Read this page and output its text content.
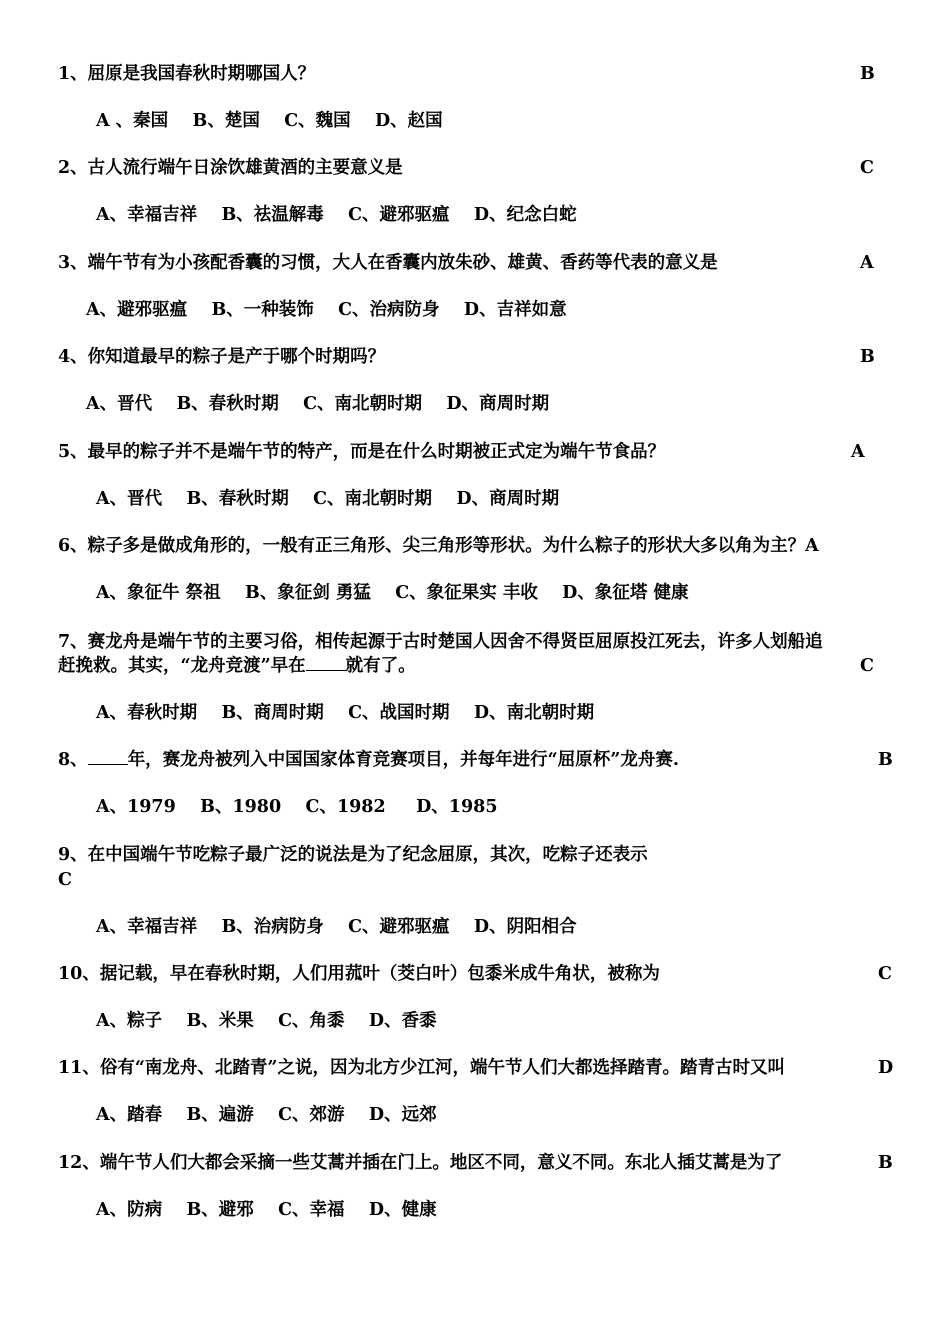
1、屈原是我国春秋时期哪国人？	B
A 、秦国    B、楚国    C、魏国    D、赵国
2、古人流行端午日涂饮雄黄酒的主要意义是	C
A、幸福吉祥    B、祛温解毒    C、避邪驱瘟    D、纪念白蛇
3、端午节有为小孩配香囊的习惯，大人在香囊内放朱砂、雄黄、香药等代表的意义是	A
A、避邪驱瘟    B、一种装饰    C、治病防身    D、吉祥如意
4、你知道最早的粽子是产于哪个时期吗？	B
A、晋代    B、春秋时期    C、南北朝时期    D、商周时期
5、最早的粽子并不是端午节的特产，而是在什么时期被正式定为端午节食品？	A
A、晋代    B、春秋时期    C、南北朝时期    D、商周时期
6、粽子多是做成角形的，一般有正三角形、尖三角形等形状。为什么粽子的形状大多以角为主？A
A、象征牛 祭祖    B、象征剑 勇猛    C、象征果实 丰收    D、象征塔 健康
7、赛龙舟是端午节的主要习俗，相传起源于古时楚国人因舍不得贤臣屈原投江死去，许多人划船追
赶挽救。其实，“龙舟竞渡”早在 就有了。	C
A、春秋时期    B、商周时期    C、战国时期    D、南北朝时期
8、 年，赛龙舟被列入中国国家体育竞赛项目，并每年进行“屈原杯”龙舟赛.	B
A、1979    B、1980    C、1982     D、1985
9、在中国端午节吃粽子最广泛的说法是为了纪念屈原，其次，吃粽子还表示
C
A、幸福吉祥    B、治病防身    C、避邪驱瘟    D、阴阳相合
10、据记载，早在春秋时期，人们用菰叶（茭白叶）包黍米成牛角状，被称为	C
A、粽子    B、米果    C、角黍    D、香黍
11、俗有“南龙舟、北踏青”之说，因为北方少江河，端午节人们大都选择踏青。踏青古时又叫	D
A、踏春    B、遍游    C、郊游    D、远郊
12、端午节人们大都会采摘一些艾蒿并插在门上。地区不同，意义不同。东北人插艾蒿是为了	B
A、防病    B、避邪    C、幸福    D、健康
